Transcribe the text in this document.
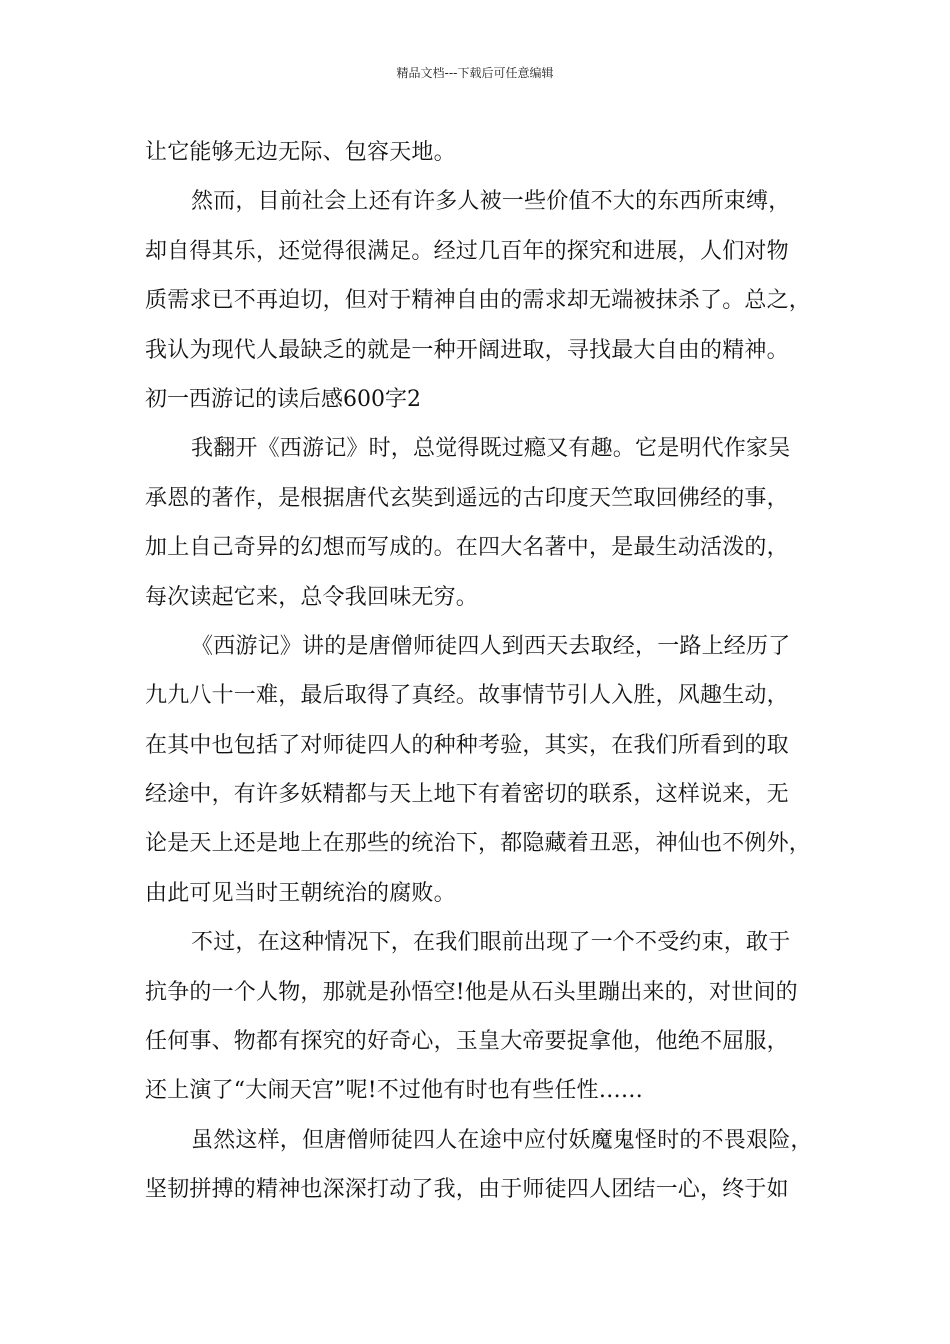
精品文档---下载后可任意编辑
让它能够无边无际、包容天地。
然而，目前社会上还有许多人被一些价值不大的东西所束缚，
却自得其乐，还觉得很满足。经过几百年的探究和进展，人们对物
质需求已不再迫切，但对于精神自由的需求却无端被抹杀了。总之，
我认为现代人最缺乏的就是一种开阔进取，寻找最大自由的精神。
初一西游记的读后感600字2
我翻开《西游记》时，总觉得既过瘾又有趣。它是明代作家吴
承恩的著作，是根据唐代玄奘到遥远的古印度天竺取回佛经的事，
加上自己奇异的幻想而写成的。在四大名著中，是最生动活泼的，
每次读起它来，总令我回味无穷。
《西游记》讲的是唐僧师徒四人到西天去取经，一路上经历了
九九八十一难，最后取得了真经。故事情节引人入胜，风趣生动，
在其中也包括了对师徒四人的种种考验，其实，在我们所看到的取
经途中，有许多妖精都与天上地下有着密切的联系，这样说来，无
论是天上还是地上在那些的统治下，都隐藏着丑恶，神仙也不例外，
由此可见当时王朝统治的腐败。
不过，在这种情况下，在我们眼前出现了一个不受约束，敢于
抗争的一个人物，那就是孙悟空!他是从石头里蹦出来的，对世间的
任何事、物都有探究的好奇心，玉皇大帝要捉拿他，他绝不屈服，
还上演了“大闹天宫”呢!不过他有时也有些任性……
虽然这样，但唐僧师徒四人在途中应付妖魔鬼怪时的不畏艰险，
坚韧拼搏的精神也深深打动了我，由于师徒四人团结一心，终于如
